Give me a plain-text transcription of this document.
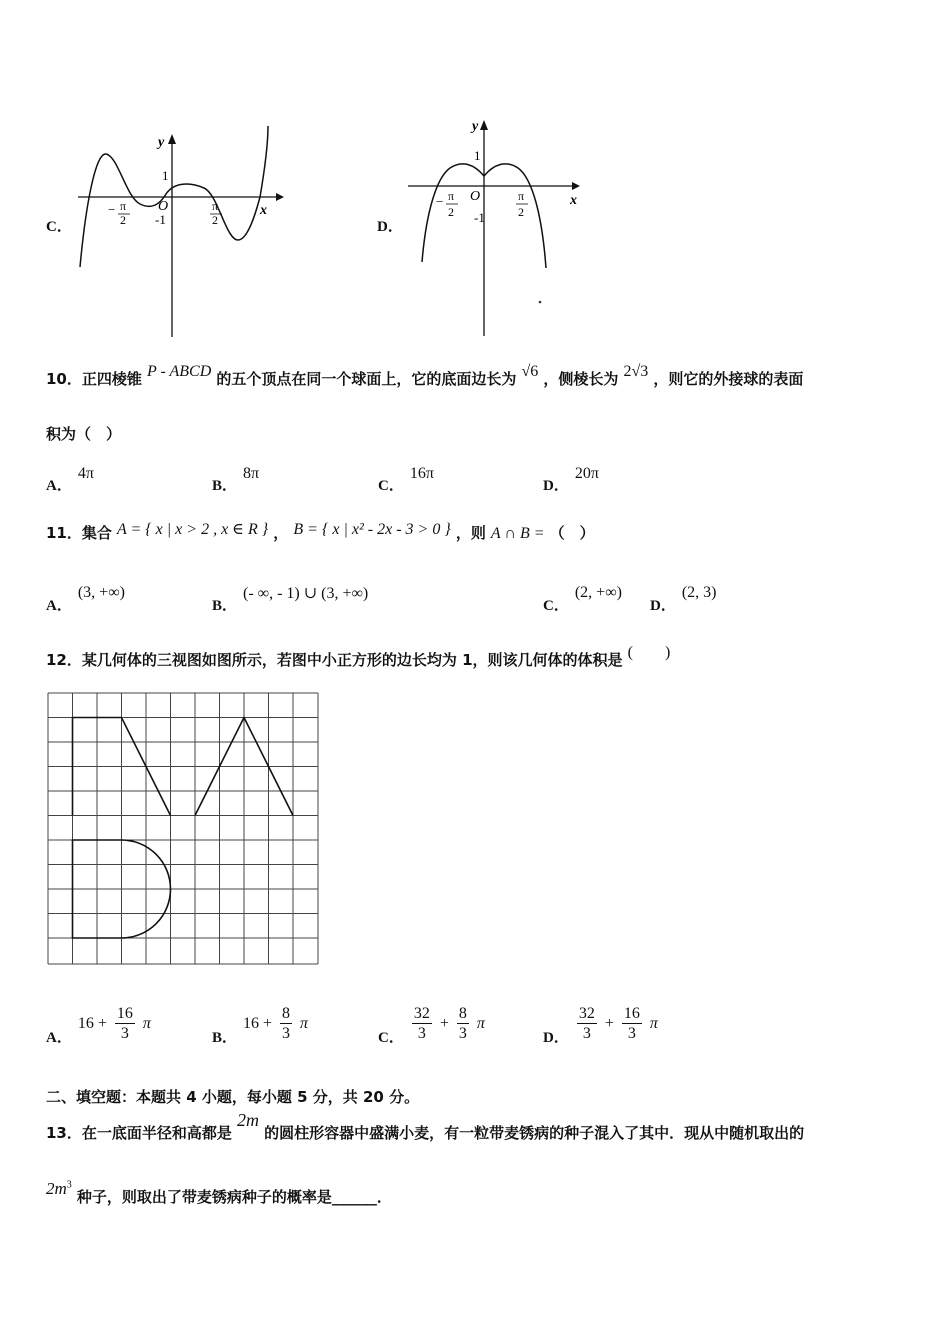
C．
y
x
1
-1
O
− π
2
π
2	D．
y
x
1
-1
O
− π
2
π
2
10．正四棱锥 P - ABCD 的五个顶点在同一个球面上，它的底面边长为 √6 ，侧棱长为 2√3 ，则它的外接球的表面
积为（　）
A．
4π
B．
8π
C．
16π
D．
20π
11．集合 A = { x | x > 2 , x ∈ R } ， B = { x | x² - 2x - 3 > 0 } ，则 A ∩ B = （　）
A．
(3, +∞)
B．
(- ∞, - 1) ∪ (3, +∞)
C．
(2, +∞)
D．
(2, 3)
12．某几何体的三视图如图所示，若图中小正方形的边长均为 1，则该几何体的体积是 (　　)
A．
$16 + \frac{16}{3}$ π
B．
$16 + \frac{8}{3}$ π
C． $\frac{32}{3} + \frac{8}{3}$ π
D． $\frac{32}{3} + \frac{16}{3}$ π
二、填空题：本题共 4 小题，每小题 5 分，共 20 分。
13．在一底面半径和高都是 2m 的圆柱形容器中盛满小麦，有一粒带麦锈病的种子混入了其中．现从中随机取出的
$2m^3$ 种子，则取出了带麦锈病种子的概率是______．
